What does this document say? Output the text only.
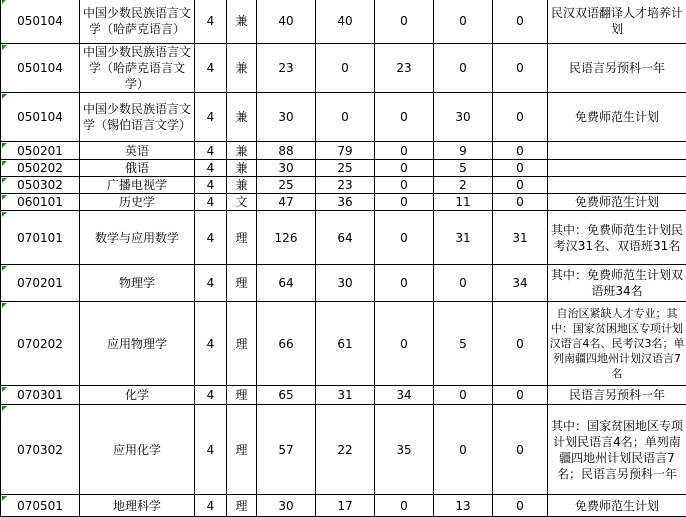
050104	中国少数民族语言文学（哈萨克语言）	4	兼	40	40	0	0	0	民汉双语翻译人才培养计划
050104	中国少数民族语言文学（哈萨克语言文学）	4	兼	23	0	23	0	0	民语言另预科一年
050104	中国少数民族语言文学（锡伯语言文学）	4	兼	30	0	0	30	0	免费师范生计划
050201	英语	4	兼	88	79	0	9	0	
050202	俄语	4	兼	30	25	0	5	0	
050302	广播电视学	4	兼	25	23	0	2	0	
060101	历史学	4	文	47	36	0	11	0	免费师范生计划
070101	数学与应用数学	4	理	126	64	0	31	31	其中：免费师范生计划民考汉31名、双语班31名
070201	物理学	4	理	64	30	0	0	34	其中：免费师范生计划双语班34名
070202	应用物理学	4	理	66	61	0	5	0	自治区紧缺人才专业；其中：国家贫困地区专项计划汉语言4名、民考汉3名；单列南疆四地州计划汉语言7名
070301	化学	4	理	65	31	34	0	0	民语言另预科一年
070302	应用化学	4	理	57	22	35	0	0	其中：国家贫困地区专项计划民语言4名；单列南疆四地州计划民语言7名；民语言另预科一年
070501	地理科学	4	理	30	17	0	13	0	免费师范生计划
